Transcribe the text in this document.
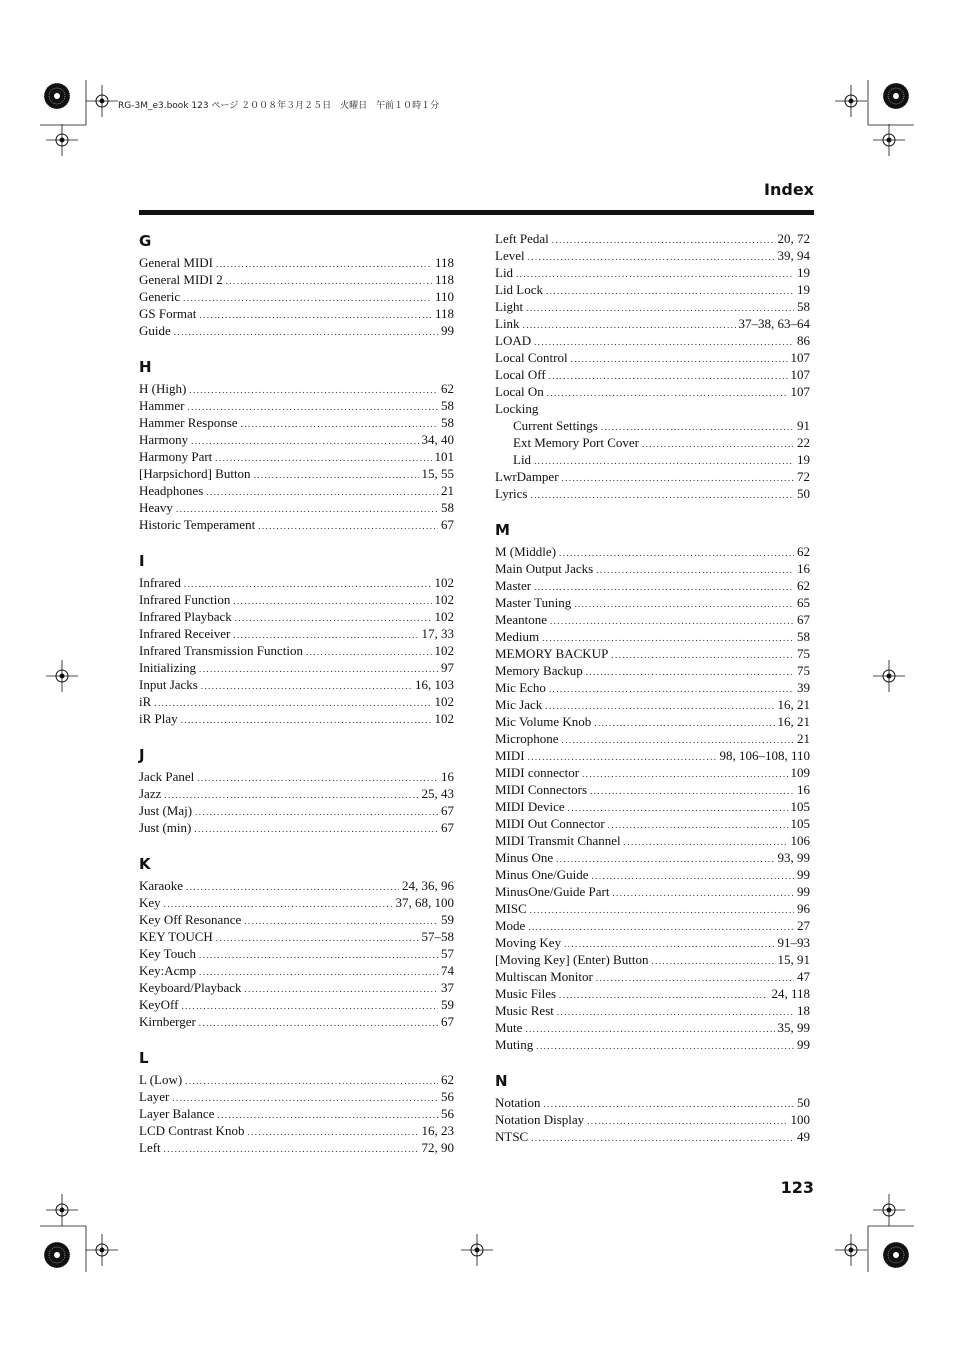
RG-3M_e3.book 123 ページ ２００８年３月２５日　火曜日　午前１０時１分
Index
G
General MIDI .....	118
General MIDI 2 .....	118
Generic .....	110
GS Format .....	118
Guide .....	99
H
H (High) .....	62
Hammer .....	58
Hammer Response .....	58
Harmony .....	34, 40
Harmony Part .....	101
[Harpsichord] Button .....	15, 55
Headphones .....	21
Heavy .....	58
Historic Temperament .....	67
I
Infrared .....	102
Infrared Function .....	102
Infrared Playback .....	102
Infrared Receiver .....	17, 33
Infrared Transmission Function .....	102
Initializing .....	97
Input Jacks .....	16, 103
iR .....	102
iR Play .....	102
J
Jack Panel .....	16
Jazz .....	25, 43
Just (Maj) .....	67
Just (min) .....	67
K
Karaoke .....	24, 36, 96
Key .....	37, 68, 100
Key Off Resonance .....	59
KEY TOUCH .....	57–58
Key Touch .....	57
Key:Acmp .....	74
Keyboard/Playback .....	37
KeyOff .....	59
Kirnberger .....	67
L
L (Low) .....	62
Layer .....	56
Layer Balance .....	56
LCD Contrast Knob .....	16, 23
Left .....	72, 90
Left Pedal .....	20, 72
Level .....	39, 94
Lid .....	19
Lid Lock .....	19
Light .....	58
Link .....	37–38, 63–64
LOAD .....	86
Local Control .....	107
Local Off .....	107
Local On .....	107
Locking
Current Settings .....	91
Ext Memory Port Cover .....	22
Lid .....	19
LwrDamper .....	72
Lyrics .....	50
M
M (Middle) .....	62
Main Output Jacks .....	16
Master .....	62
Master Tuning .....	65
Meantone .....	67
Medium .....	58
MEMORY BACKUP .....	75
Memory Backup .....	75
Mic Echo .....	39
Mic Jack .....	16, 21
Mic Volume Knob .....	16, 21
Microphone .....	21
MIDI .....	98, 106–108, 110
MIDI connector .....	109
MIDI Connectors .....	16
MIDI Device .....	105
MIDI Out Connector .....	105
MIDI Transmit Channel .....	106
Minus One .....	93, 99
Minus One/Guide .....	99
MinusOne/Guide Part .....	99
MISC .....	96
Mode .....	27
Moving Key .....	91–93
[Moving Key] (Enter) Button .....	15, 91
Multiscan Monitor .....	47
Music Files .....	24, 118
Music Rest .....	18
Mute .....	35, 99
Muting .....	99
N
Notation .....	50
Notation Display .....	100
NTSC .....	49
123
